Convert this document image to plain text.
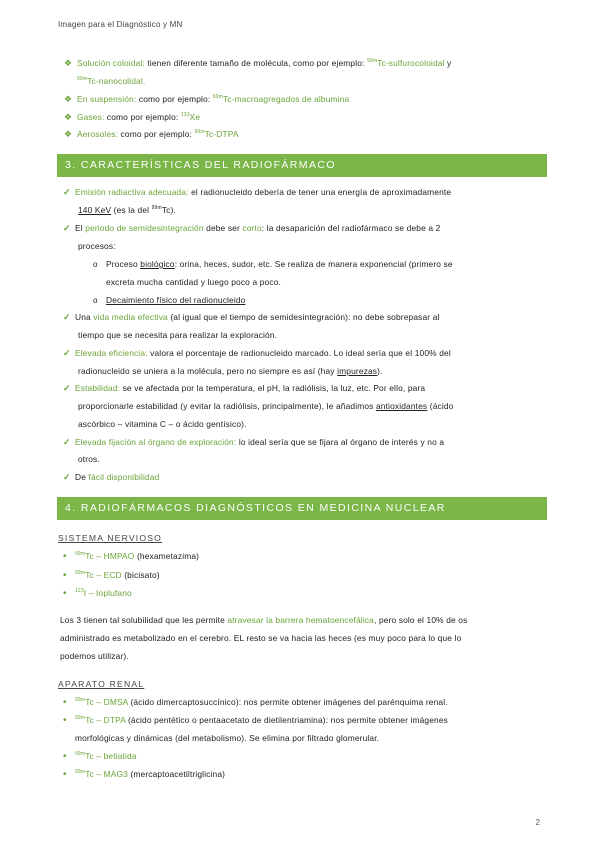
Imagen para el Diagnóstico y MN
❖ Solución coloidal: tienen diferente tamaño de molécula, como por ejemplo: $^{99m}$Tc-sulfurocoloidal y
$^{99m}$Tc-nanocolidal.
❖ En suspensión: como por ejemplo: $^{99m}$Tc-macroagregados de albumina
❖ Gases: como por ejemplo: $^{133}$Xe
❖ Aerosoles: como por ejemplo: $^{99m}$Tc-DTPA
3. CARACTERÍSTICAS DEL RADIOFÁRMACO
✓ Emisión radiactiva adecuada: el radionucleido debería de tener una energía de aproximadamente
140 KeV (es la del $^{99m}$Tc).
✓ El periodo de semidesintegración debe ser corto: la desaparición del radiofármaco se debe a 2
procesos:
o Proceso biológico: orina, heces, sudor, etc. Se realiza de manera exponencial (primero se
excreta mucha cantidad y luego poco a poco.
o Decaimiento físico del radionucleido
✓ Una vida media efectiva (al igual que el tiempo de semidesintegración): no debe sobrepasar al
tiempo que se necesita para realizar la exploración.
✓ Elevada eficiencia: valora el porcentaje de radionucleido marcado. Lo ideal sería que el 100% del
radionucleido se uniera a la molécula, pero no siempre es así (hay impurezas).
✓ Estabilidad: se ve afectada por la temperatura, el pH, la radiólisis, la luz, etc. Por ello, para
proporcionarle estabilidad (y evitar la radiólisis, principalmente), le añadimos antioxidantes (ácido
ascórbico – vitamina C – o ácido gentísico).
✓ Elevada fijación al órgano de exploración: lo ideal sería que se fijara al órgano de interés y no a
otros.
✓ De fácil disponibilidad
4. RADIOFÁRMACOS DIAGNÓSTICOS EN MEDICINA NUCLEAR
SISTEMA NERVIOSO
• $^{99m}$Tc – HMPAO (hexametazima)
• $^{99m}$Tc – ECD (bicisato)
• $^{123}$I – Ioplufano
Los 3 tienen tal solubilidad que les permite atravesar la barrera hematoencefálica, pero solo el 10% de os
administrado es metabolizado en el cerebro. EL resto se va hacia las heces (es muy poco para lo que lo
podemos utilizar).
APARATO RENAL
• $^{99m}$Tc – DMSA (ácido dimercaptosuccínico): nos permite obtener imágenes del parénquima renal.
• $^{99m}$Tc – DTPA (ácido pentético o pentaacetato de dietilentriamina): nos permite obtener imágenes
morfológicas y dinámicas (del metabolismo). Se elimina por filtrado glomerular.
• $^{99m}$Tc – betiatida
• $^{99m}$Tc – MAG3 (mercaptoacetiltriglicina)
2
